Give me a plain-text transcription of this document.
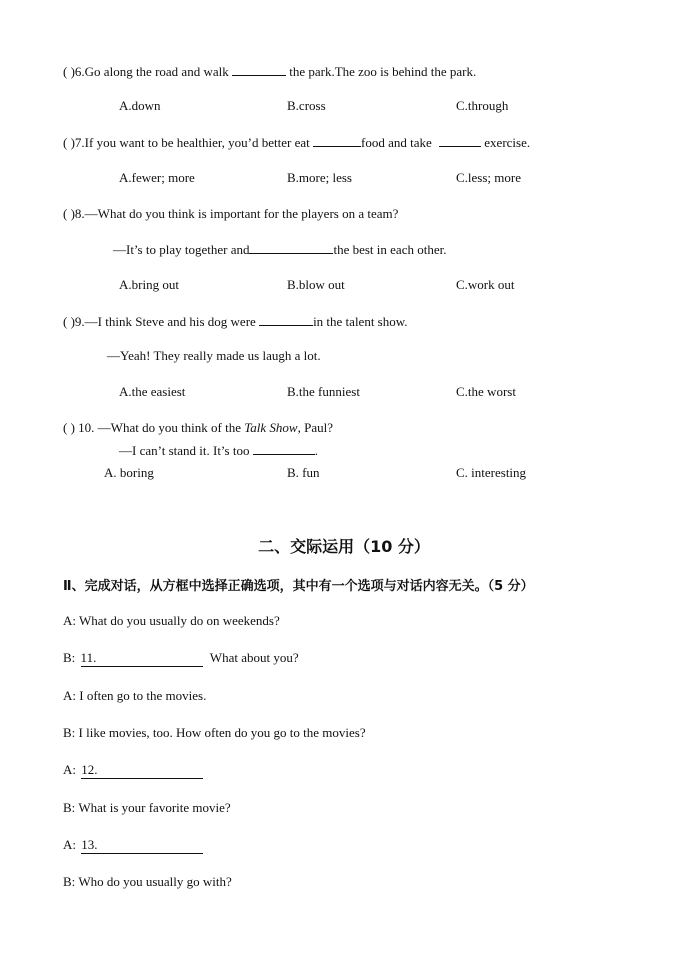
( )6.Go along the road and walk	the park.The zoo is behind the park.
A.down	B.cross	C.through
( )7.If you want to be healthier, you’d better eat	food and take	exercise.
A.fewer; more	B.more; less	C.less; more
( )8.—What do you think is important for the players on a team?
—It’s to play together and	the best in each other.
A.bring out	B.blow out	C.work out
( )9.—I think Steve and his dog were	in the talent show.
—Yeah! They really made us laugh a lot.
A.the easiest	B.the funniest	C.the worst
( ) 10. —What do you think of the Talk Show, Paul?
—I can’t stand it. It’s too	.
A. boring	B. fun	C. interesting
二、交际运用（10 分）
Ⅱ、完成对话，从方框中选择正确选项，其中有一个选项与对话内容无关。（5 分）
A: What do you usually do on weekends?
B: 11.	What about you?
A: I often go to the movies.
B: I like movies, too. How often do you go to the movies?
A: 12.
B: What is your favorite movie?
A: 13.
B: Who do you usually go with?
